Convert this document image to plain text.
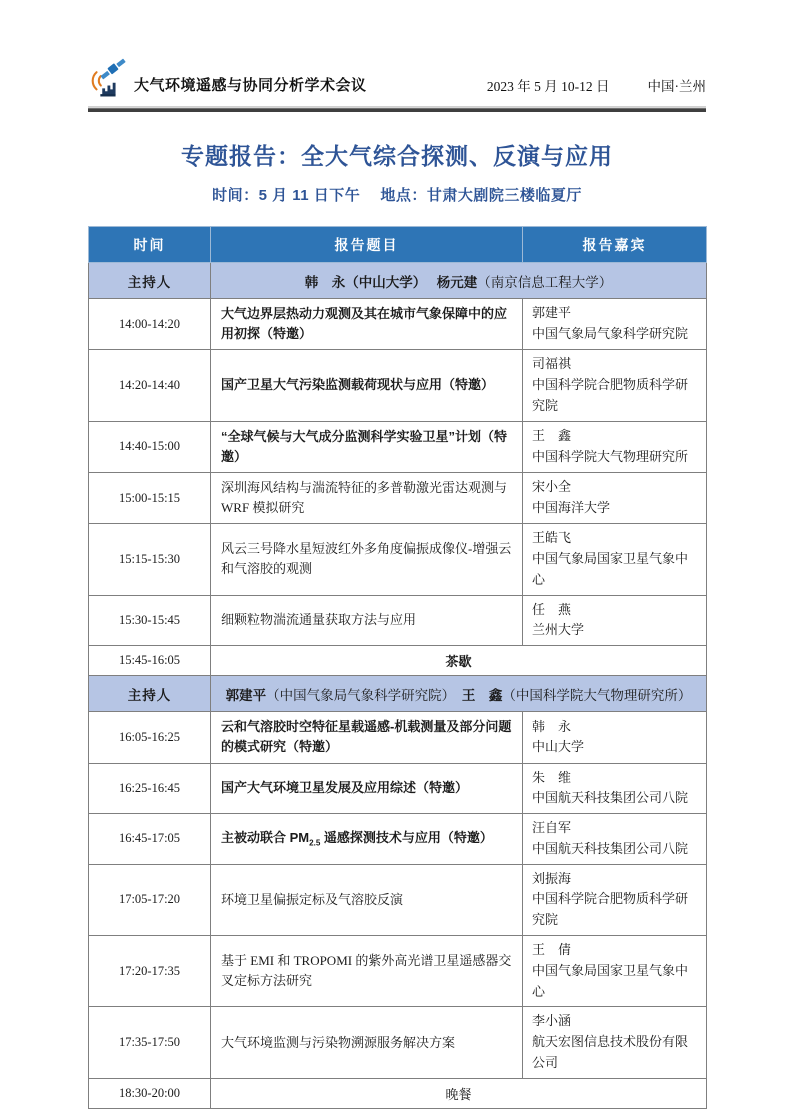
大气环境遥感与协同分析学术会议	2023 年 5 月 10-12 日	中国·兰州
专题报告：全大气综合探测、反演与应用
时间：5 月 11 日下午　 地点：甘肃大剧院三楼临夏厅
时间	报告题目	报告嘉宾
主持人	韩　永（中山大学）　 杨元建（南京信息工程大学）	
14:00-14:20	大气边界层热动力观测及其在城市气象保障中的应用初探（特邀）	郭建平
中国气象局气象科学研究院

14:20-14:40	国产卫星大气污染监测载荷现状与应用（特邀）	司福祺
中国科学院合肥物质科学研究院

14:40-15:00	“全球气候与大气成分监测科学实验卫星”计划（特邀）	王　鑫
中国科学院大气物理研究所

15:00-15:15	深圳海风结构与湍流特征的多普勒激光雷达观测与 WRF 模拟研究	宋小全
中国海洋大学

15:15-15:30	风云三号降水星短波红外多角度偏振成像仪-增强云和气溶胶的观测	王皓飞
中国气象局国家卫星气象中心

15:30-15:45	细颗粒物湍流通量获取方法与应用	任　燕
兰州大学

15:45-16:05	茶歇	
主持人	郭建平（中国气象局气象科学研究院）　王　鑫（中国科学院大气物理研究所）	
16:05-16:25	云和气溶胶时空特征星载遥感-机载测量及部分问题的模式研究（特邀）	韩　永
中山大学

16:25-16:45	国产大气环境卫星发展及应用综述（特邀）	朱　维
中国航天科技集团公司八院

16:45-17:05	主被动联合 $PM_{2.5}$ 遥感探测技术与应用（特邀）	汪自军
中国航天科技集团公司八院

17:05-17:20	环境卫星偏振定标及气溶胶反演	刘振海
中国科学院合肥物质科学研究院

17:20-17:35	基于 EMI 和 TROPOMI 的紫外高光谱卫星遥感器交叉定标方法研究	王　倩
中国气象局国家卫星气象中心

17:35-17:50	大气环境监测与污染物溯源服务解决方案	李小涵
航天宏图信息技术股份有限公司

18:30-20:00	晚餐	
